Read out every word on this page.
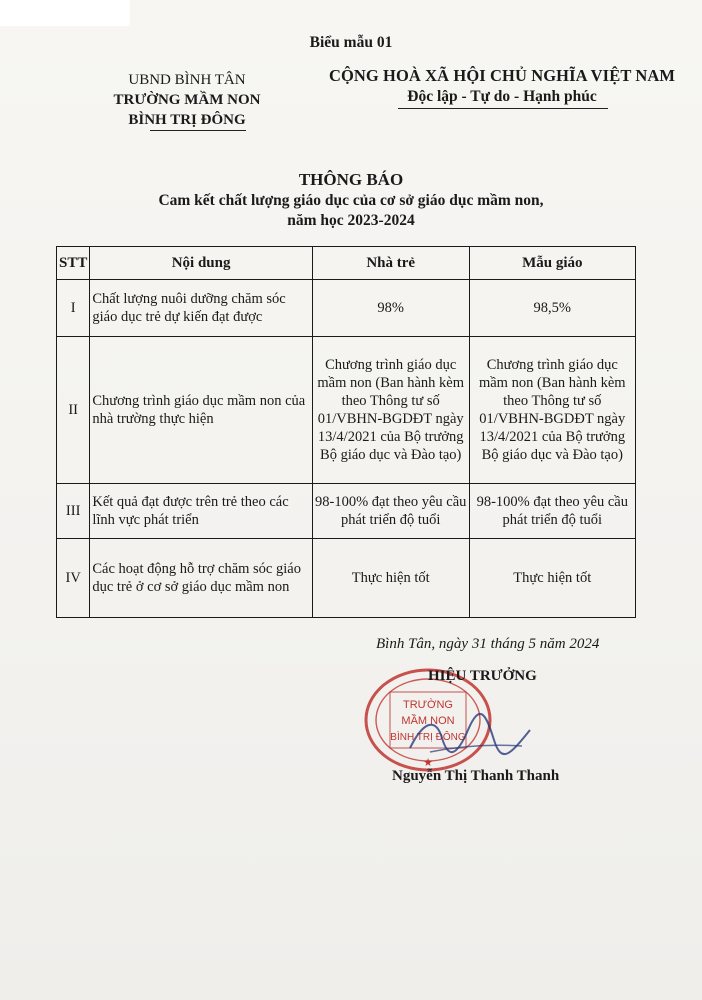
Biểu mẫu 01
UBND BÌNH TÂN
TRƯỜNG MẦM NON
BÌNH TRỊ ĐÔNG
CỘNG HOÀ XÃ HỘI CHỦ NGHĨA VIỆT NAM
Độc lập - Tự do - Hạnh phúc
THÔNG BÁO
Cam kết chất lượng giáo dục của cơ sở giáo dục mầm non,
năm học 2023-2024
STT	Nội dung	Nhà trẻ	Mẫu giáo
I	Chất lượng nuôi dưỡng chăm sóc giáo dục trẻ dự kiến đạt được	98%	98,5%
II	Chương trình giáo dục mầm non của nhà trường thực hiện	Chương trình giáo dục mầm non (Ban hành kèm theo Thông tư số 01/VBHN-BGDĐT ngày 13/4/2021 của Bộ trưởng Bộ giáo dục và Đào tạo)	Chương trình giáo dục mầm non (Ban hành kèm theo Thông tư số 01/VBHN-BGDĐT ngày 13/4/2021 của Bộ trưởng Bộ giáo dục và Đào tạo)
III	Kết quả đạt được trên trẻ theo các lĩnh vực phát triển	98-100% đạt theo yêu cầu phát triển độ tuổi	98-100% đạt theo yêu cầu phát triển độ tuổi
IV	Các hoạt động hỗ trợ chăm sóc giáo dục trẻ ở cơ sở giáo dục mầm non	Thực hiện tốt	Thực hiện tốt
Bình Tân, ngày 31 tháng 5 năm 2024
TRƯỜNG
MẦM NON
BÌNH TRỊ ĐÔNG
★
HIỆU TRƯỞNG
Nguyễn Thị Thanh Thanh
